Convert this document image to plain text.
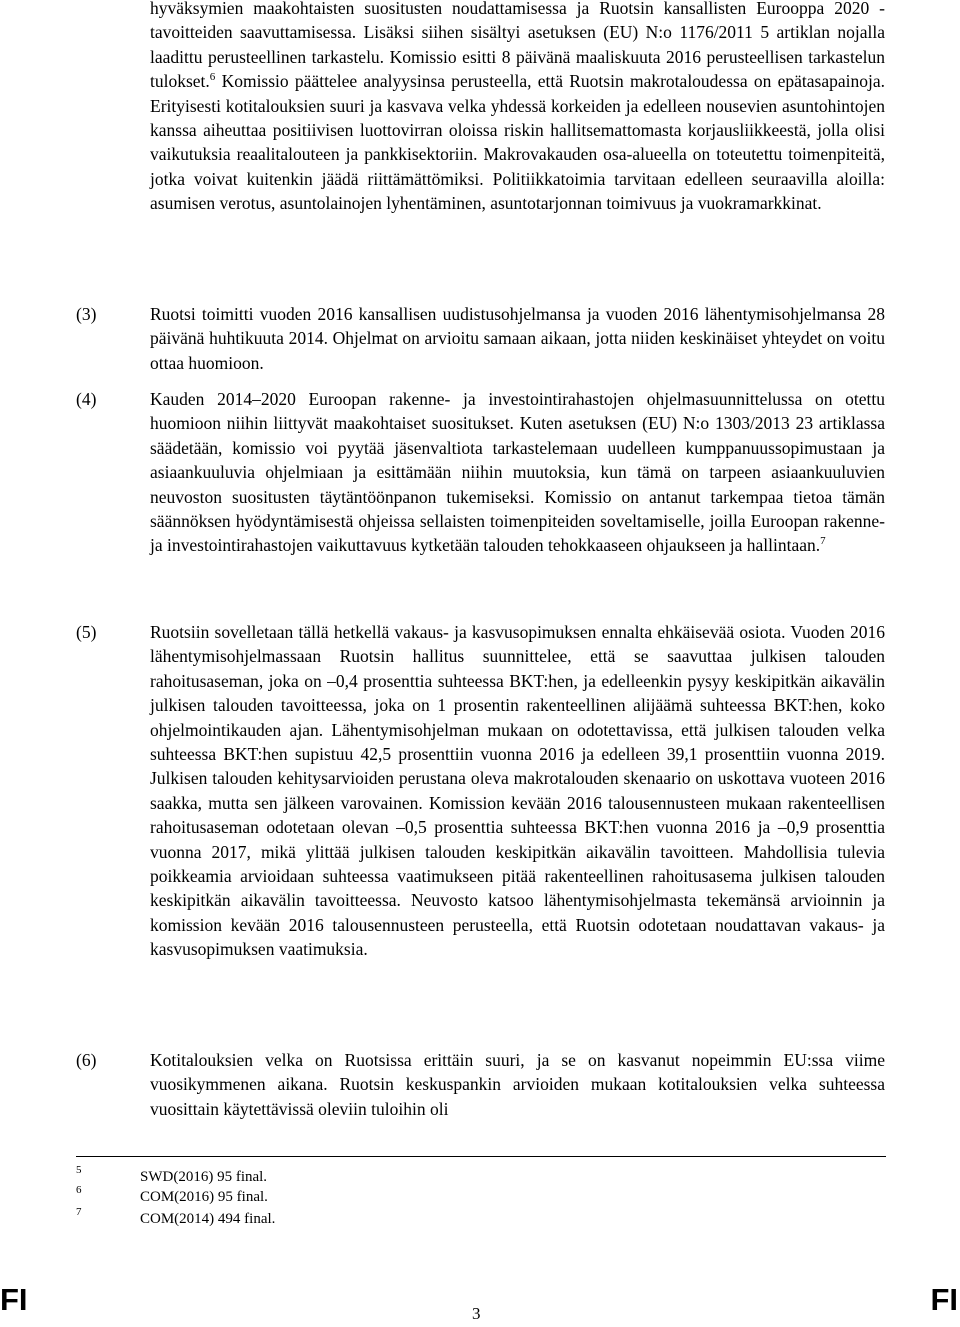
hyväksymien maakohtaisten suositusten noudattamisessa ja Ruotsin kansallisten Eurooppa 2020 -tavoitteiden saavuttamisessa. Lisäksi siihen sisältyi asetuksen (EU) N:o 1176/2011 5 artiklan nojalla laadittu perusteellinen tarkastelu. Komissio esitti 8 päivänä maaliskuuta 2016 perusteellisen tarkastelun tulokset.$^6$ Komissio päättelee analyysinsa perusteella, että Ruotsin makrotaloudessa on epätasapainoja. Erityisesti kotitalouksien suuri ja kasvava velka yhdessä korkeiden ja edelleen nousevien asuntohintojen kanssa aiheuttaa positiivisen luottovirran oloissa riskin hallitsemattomasta korjausliikkeestä, jolla olisi vaikutuksia reaalitalouteen ja pankkisektoriin. Makrovakauden osa-alueella on toteutettu toimenpiteitä, jotka voivat kuitenkin jäädä riittämättömiksi. Politiikkatoimia tarvitaan edelleen seuraavilla aloilla: asumisen verotus, asuntolainojen lyhentäminen, asuntotarjonnan toimivuus ja vuokramarkkinat.

(3)	Ruotsi toimitti vuoden 2016 kansallisen uudistusohjelmansa ja vuoden 2016 lähentymisohjelmansa 28 päivänä huhtikuuta 2014. Ohjelmat on arvioitu samaan aikaan, jotta niiden keskinäiset yhteydet on voitu ottaa huomioon.

(4)	Kauden 2014–2020 Euroopan rakenne- ja investointirahastojen ohjelmasuunnittelussa on otettu huomioon niihin liittyvät maakohtaiset suositukset. Kuten asetuksen (EU) N:o 1303/2013 23 artiklassa säädetään, komissio voi pyytää jäsenvaltiota tarkastelemaan uudelleen kumppanuussopimustaan ja asiaankuuluvia ohjelmiaan ja esittämään niihin muutoksia, kun tämä on tarpeen asiaankuuluvien neuvoston suositusten täytäntöönpanon tukemiseksi. Komissio on antanut tarkempaa tietoa tämän säännöksen hyödyntämisestä ohjeissa sellaisten toimenpiteiden soveltamiselle, joilla Euroopan rakenne- ja investointirahastojen vaikuttavuus kytketään talouden tehokkaaseen ohjaukseen ja hallintaan.$^7$

(5)	Ruotsiin sovelletaan tällä hetkellä vakaus- ja kasvusopimuksen ennalta ehkäisevää osiota. Vuoden 2016 lähentymisohjelmassaan Ruotsin hallitus suunnittelee, että se saavuttaa julkisen talouden rahoitusaseman, joka on –0,4 prosenttia suhteessa BKT:hen, ja edelleenkin pysyy keskipitkän aikavälin julkisen talouden tavoitteessa, joka on 1 prosentin rakenteellinen alijäämä suhteessa BKT:hen, koko ohjelmointikauden ajan. Lähentymisohjelman mukaan on odotettavissa, että julkisen talouden velka suhteessa BKT:hen supistuu 42,5 prosenttiin vuonna 2016 ja edelleen 39,1 prosenttiin vuonna 2019. Julkisen talouden kehitysarvioiden perustana oleva makrotalouden skenaario on uskottava vuoteen 2016 saakka, mutta sen jälkeen varovainen. Komission kevään 2016 talousennusteen mukaan rakenteellisen rahoitusaseman odotetaan olevan –0,5 prosenttia suhteessa BKT:hen vuonna 2016 ja –0,9 prosenttia vuonna 2017, mikä ylittää julkisen talouden keskipitkän aikavälin tavoitteen. Mahdollisia tulevia poikkeamia arvioidaan suhteessa vaatimukseen pitää rakenteellinen rahoitusasema julkisen talouden keskipitkän aikavälin tavoitteessa. Neuvosto katsoo lähentymisohjelmasta tekemänsä arvioinnin ja komission kevään 2016 talousennusteen perusteella, että Ruotsin odotetaan noudattavan vakaus- ja kasvusopimuksen vaatimuksia.

(6)	Kotitalouksien velka on Ruotsissa erittäin suuri, ja se on kasvanut nopeimmin EU:ssa viime vuosikymmenen aikana. Ruotsin keskuspankin arvioiden mukaan kotitalouksien velka suhteessa vuosittain käytettävissä oleviin tuloihin oli

5	SWD(2016) 95 final.
6	COM(2016) 95 final.
7	COM(2014) 494 final.
FI	3	FI
